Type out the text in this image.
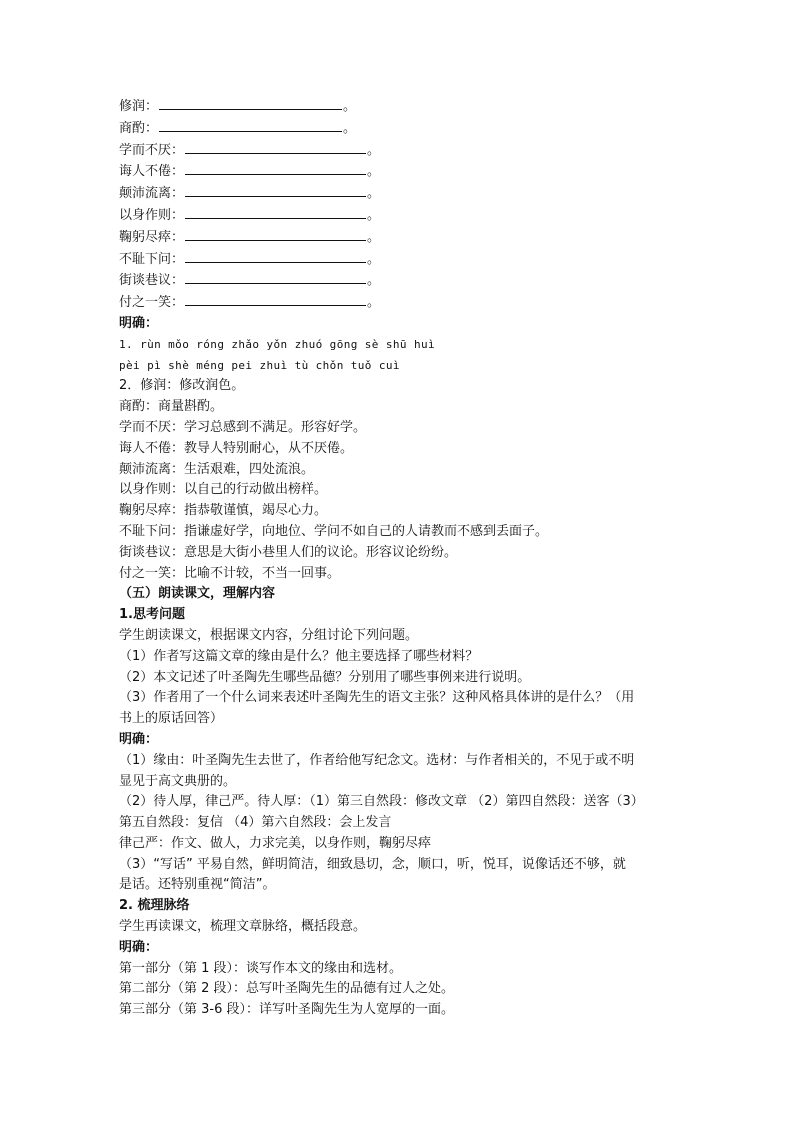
修润：	。
商酌：	。
学而不厌：	。
诲人不倦：	。
颠沛流离：	。
以身作则：	。
鞠躬尽瘁：	。
不耻下问：	。
街谈巷议：	。
付之一笑：	。
明确：
1. rùn mǒo róng zhǎo yǒn zhuó gōng sè shū huì
pèi pì shè méng pei zhuì tù chǒn tuǒ cuì
2．修润：修改润色。
商酌：商量斟酌。
学而不厌：学习总感到不满足。形容好学。
诲人不倦：教导人特别耐心，从不厌倦。
颠沛流离：生活艰难，四处流浪。
以身作则：以自己的行动做出榜样。
鞠躬尽瘁：指恭敬谨慎，竭尽心力。
不耻下问：指谦虚好学，向地位、学问不如自己的人请教而不感到丢面子。
街谈巷议：意思是大街小巷里人们的议论。形容议论纷纷。
付之一笑：比喻不计较，不当一回事。
（五）朗读课文，理解内容
1.思考问题
学生朗读课文，根据课文内容，分组讨论下列问题。
（1）作者写这篇文章的缘由是什么？他主要选择了哪些材料？
（2）本文记述了叶圣陶先生哪些品德？分别用了哪些事例来进行说明。
（3）作者用了一个什么词来表述叶圣陶先生的语文主张？这种风格具体讲的是什么？（用
书上的原话回答）
明确：
（1）缘由：叶圣陶先生去世了，作者给他写纪念文。选材：与作者相关的，不见于或不明
显见于高文典册的。
（2）待人厚，律己严。待人厚：（1）第三自然段：修改文章 （2）第四自然段：送客（3）
第五自然段：复信 （4）第六自然段：会上发言
律己严：作文、做人，力求完美，以身作则，鞠躬尽瘁
（3）“写话” 平易自然，鲜明简洁，细致恳切，念，顺口，听，悦耳，说像话还不够，就
是话。还特别重视“简洁”。
2. 梳理脉络
学生再读课文，梳理文章脉络，概括段意。
明确：
第一部分（第 1 段）：谈写作本文的缘由和选材。
第二部分（第 2 段）：总写叶圣陶先生的品德有过人之处。
第三部分（第 3-6 段）：详写叶圣陶先生为人宽厚的一面。
